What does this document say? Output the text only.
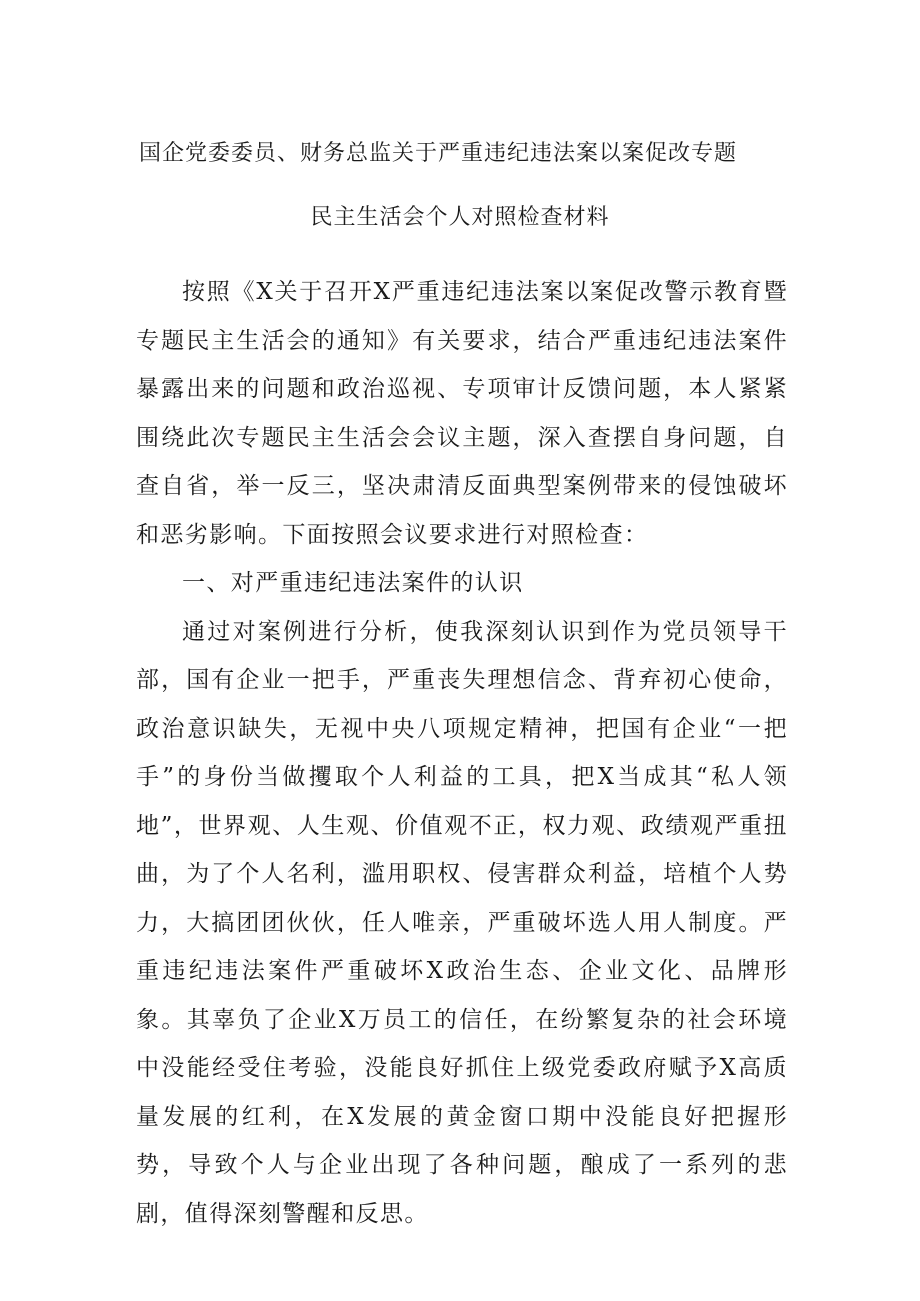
国企党委委员、财务总监关于严重违纪违法案以案促改专题
民主生活会个人对照检查材料

按照《X关于召开X严重违纪违法案以案促改警示教育暨专题民主生活会的通知》有关要求，结合严重违纪违法案件暴露出来的问题和政治巡视、专项审计反馈问题，本人紧紧围绕此次专题民主生活会会议主题，深入查摆自身问题，自查自省，举一反三，坚决肃清反面典型案例带来的侵蚀破坏和恶劣影响。下面按照会议要求进行对照检查：

一、对严重违纪违法案件的认识

通过对案例进行分析，使我深刻认识到作为党员领导干部，国有企业一把手，严重丧失理想信念、背弃初心使命，政治意识缺失，无视中央八项规定精神，把国有企业“一把手”的身份当做攫取个人利益的工具，把X当成其“私人领地”，世界观、人生观、价值观不正，权力观、政绩观严重扭曲，为了个人名利，滥用职权、侵害群众利益，培植个人势力，大搞团团伙伙，任人唯亲，严重破坏选人用人制度。严重违纪违法案件严重破坏X政治生态、企业文化、品牌形象。其辜负了企业X万员工的信任，在纷繁复杂的社会环境中没能经受住考验，没能良好抓住上级党委政府赋予X高质量发展的红利，在X发展的黄金窗口期中没能良好把握形势，导致个人与企业出现了各种问题，酿成了一系列的悲剧，值得深刻警醒和反思。
